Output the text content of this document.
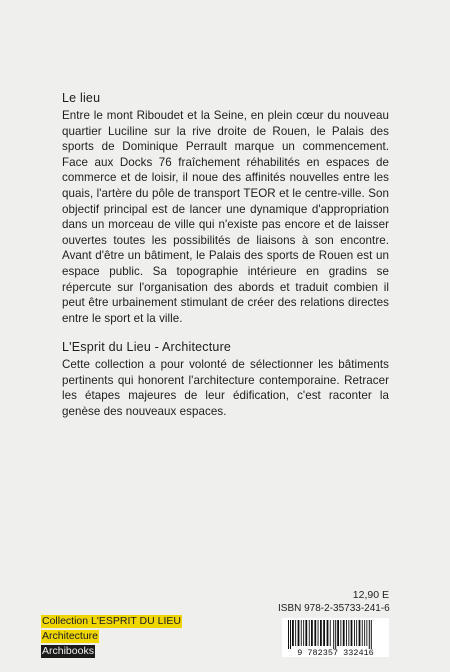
Le lieu

Entre le mont Riboudet et la Seine, en plein cœur du nouveau quartier Luciline sur la rive droite de Rouen, le Palais des sports de Dominique Perrault marque un commencement. Face aux Docks 76 fraîchement réhabilités en espaces de commerce et de loisir, il noue des affinités nouvelles entre les quais, l'artère du pôle de transport TEOR et le centre-ville. Son objectif principal est de lancer une dynamique d'appropriation dans un morceau de ville qui n'existe pas encore et de laisser ouvertes toutes les possibilités de liaisons à son encontre. Avant d'être un bâtiment, le Palais des sports de Rouen est un espace public. Sa topographie intérieure en gradins se répercute sur l'organisation des abords et traduit combien il peut être urbainement stimulant de créer des relations directes entre le sport et la ville.

L'Esprit du Lieu - Architecture

Cette collection a pour volonté de sélectionner les bâtiments pertinents qui honorent l'architecture contemporaine. Retracer les étapes majeures de leur édification, c'est raconter la genèse des nouveaux espaces.

12,90 E
ISBN 978-2-35733-241-6
9 782357 332416
Collection L'ESPRIT DU LIEU
Architecture
Archibooks
